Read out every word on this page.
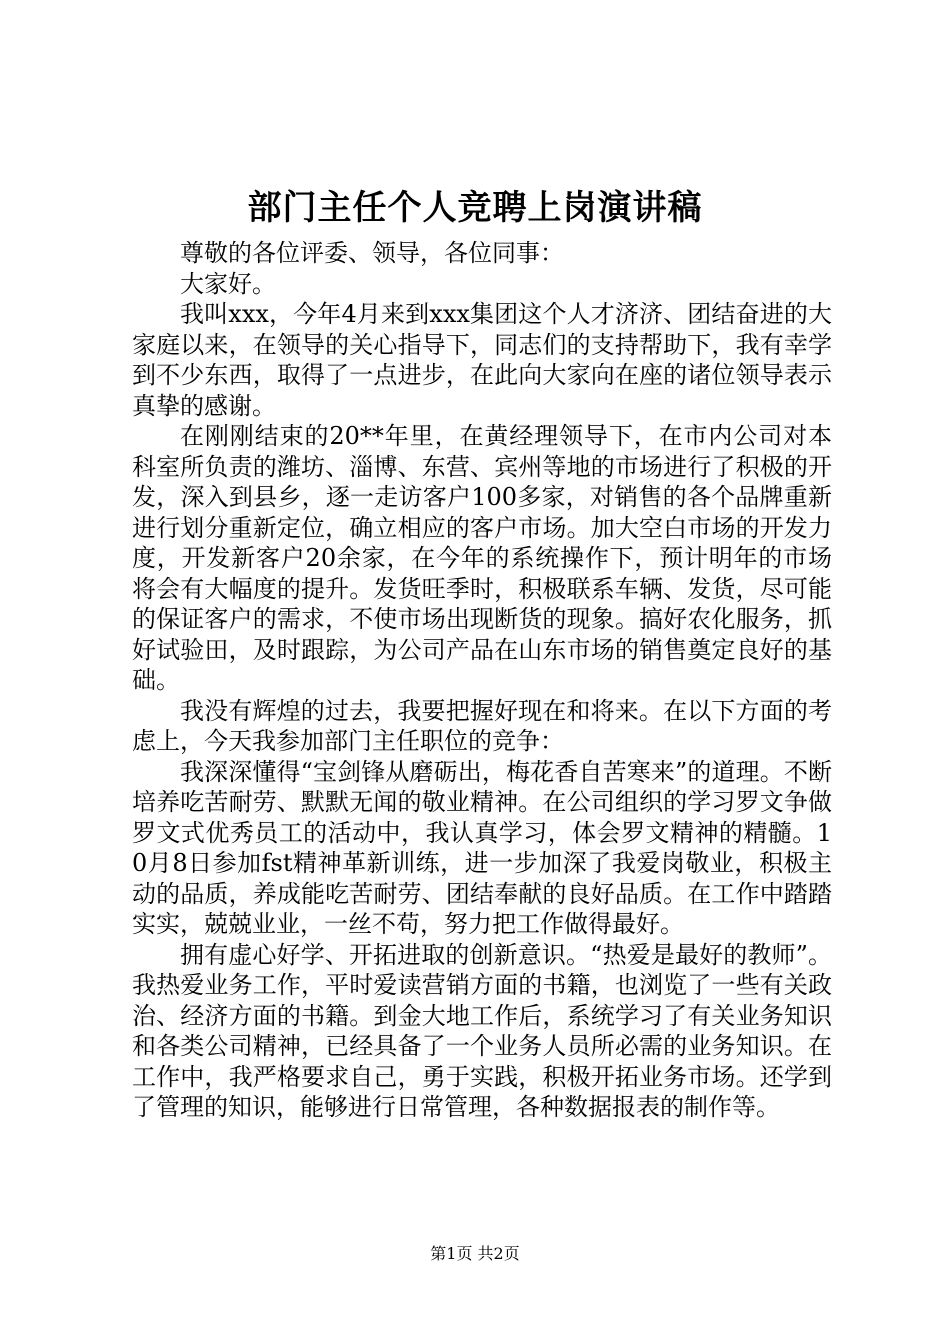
部门主任个人竞聘上岗演讲稿

尊敬的各位评委、领导，各位同事：

大家好。

我叫xxx，今年4月来到xxx集团这个人才济济、团结奋进的大家庭以来，在领导的关心指导下，同志们的支持帮助下，我有幸学到不少东西，取得了一点进步，在此向大家向在座的诸位领导表示真挚的感谢。

在刚刚结束的20**年里，在黄经理领导下，在市内公司对本科室所负责的潍坊、淄博、东营、宾州等地的市场进行了积极的开发，深入到县乡，逐一走访客户100多家，对销售的各个品牌重新进行划分重新定位，确立相应的客户市场。加大空白市场的开发力度，开发新客户20余家，在今年的系统操作下，预计明年的市场将会有大幅度的提升。发货旺季时，积极联系车辆、发货，尽可能的保证客户的需求，不使市场出现断货的现象。搞好农化服务，抓好试验田，及时跟踪，为公司产品在山东市场的销售奠定良好的基础。

我没有辉煌的过去，我要把握好现在和将来。在以下方面的考虑上，今天我参加部门主任职位的竞争：

我深深懂得“宝剑锋从磨砺出，梅花香自苦寒来”的道理。不断培养吃苦耐劳、默默无闻的敬业精神。在公司组织的学习罗文争做罗文式优秀员工的活动中，我认真学习，体会罗文精神的精髓。10月8日参加fst精神革新训练，进一步加深了我爱岗敬业，积极主动的品质，养成能吃苦耐劳、团结奉献的良好品质。在工作中踏踏实实，兢兢业业，一丝不苟，努力把工作做得最好。

拥有虚心好学、开拓进取的创新意识。“热爱是最好的教师”。我热爱业务工作，平时爱读营销方面的书籍，也浏览了一些有关政治、经济方面的书籍。到金大地工作后，系统学习了有关业务知识和各类公司精神，已经具备了一个业务人员所必需的业务知识。在工作中，我严格要求自己，勇于实践，积极开拓业务市场。还学到了管理的知识，能够进行日常管理，各种数据报表的制作等。

第1页 共2页
